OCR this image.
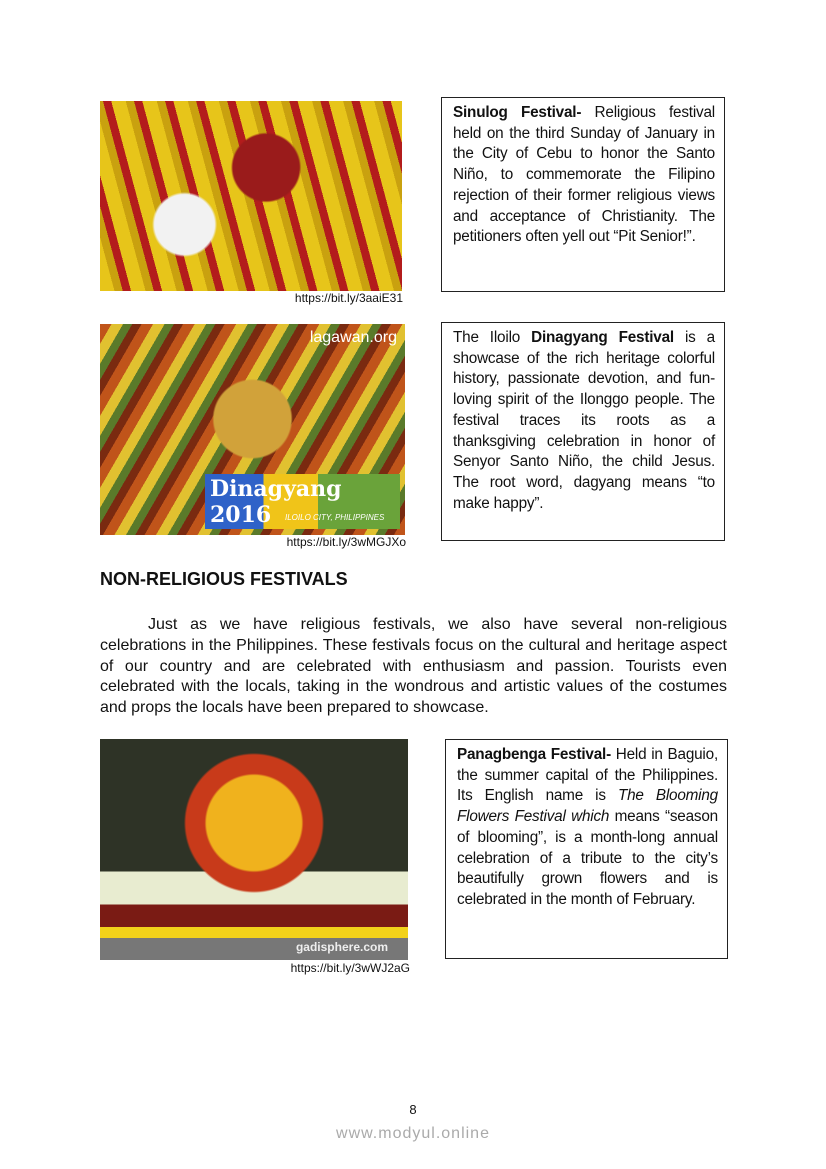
https://bit.ly/3aaiE31
Sinulog Festival- Religious festival held on the third Sunday of January in the City of Cebu to honor the Santo Niño, to commemorate the Filipino rejection of their former religious views and acceptance of Christianity. The petitioners often yell out “Pit Senior!”.
lagawan.org
Dinagyang 2016	ILOILO CITY, PHILIPPINES
https://bit.ly/3wMGJXo
The Iloilo Dinagyang Festival is a showcase of the rich heritage colorful history, passionate devotion, and fun-loving spirit of the Ilonggo people. The festival traces its roots as a thanksgiving celebration in honor of Senyor Santo Niño, the child Jesus. The root word, dagyang means “to make happy”.
NON-RELIGIOUS FESTIVALS

Just as we have religious festivals, we also have several non-religious celebrations in the Philippines. These festivals focus on the cultural and heritage aspect of our country and are celebrated with enthusiasm and passion. Tourists even celebrated with the locals, taking in the wondrous and artistic values of the costumes and props the locals have been prepared to showcase.

gadisphere.com
https://bit.ly/3wWJ2aG
Panagbenga Festival- Held in Baguio, the summer capital of the Philippines. Its English name is The Blooming Flowers Festival which means “season of blooming”, is a month-long annual celebration of a tribute to the city’s beautifully grown flowers and is celebrated in the month of February.
8
www.modyul.online
